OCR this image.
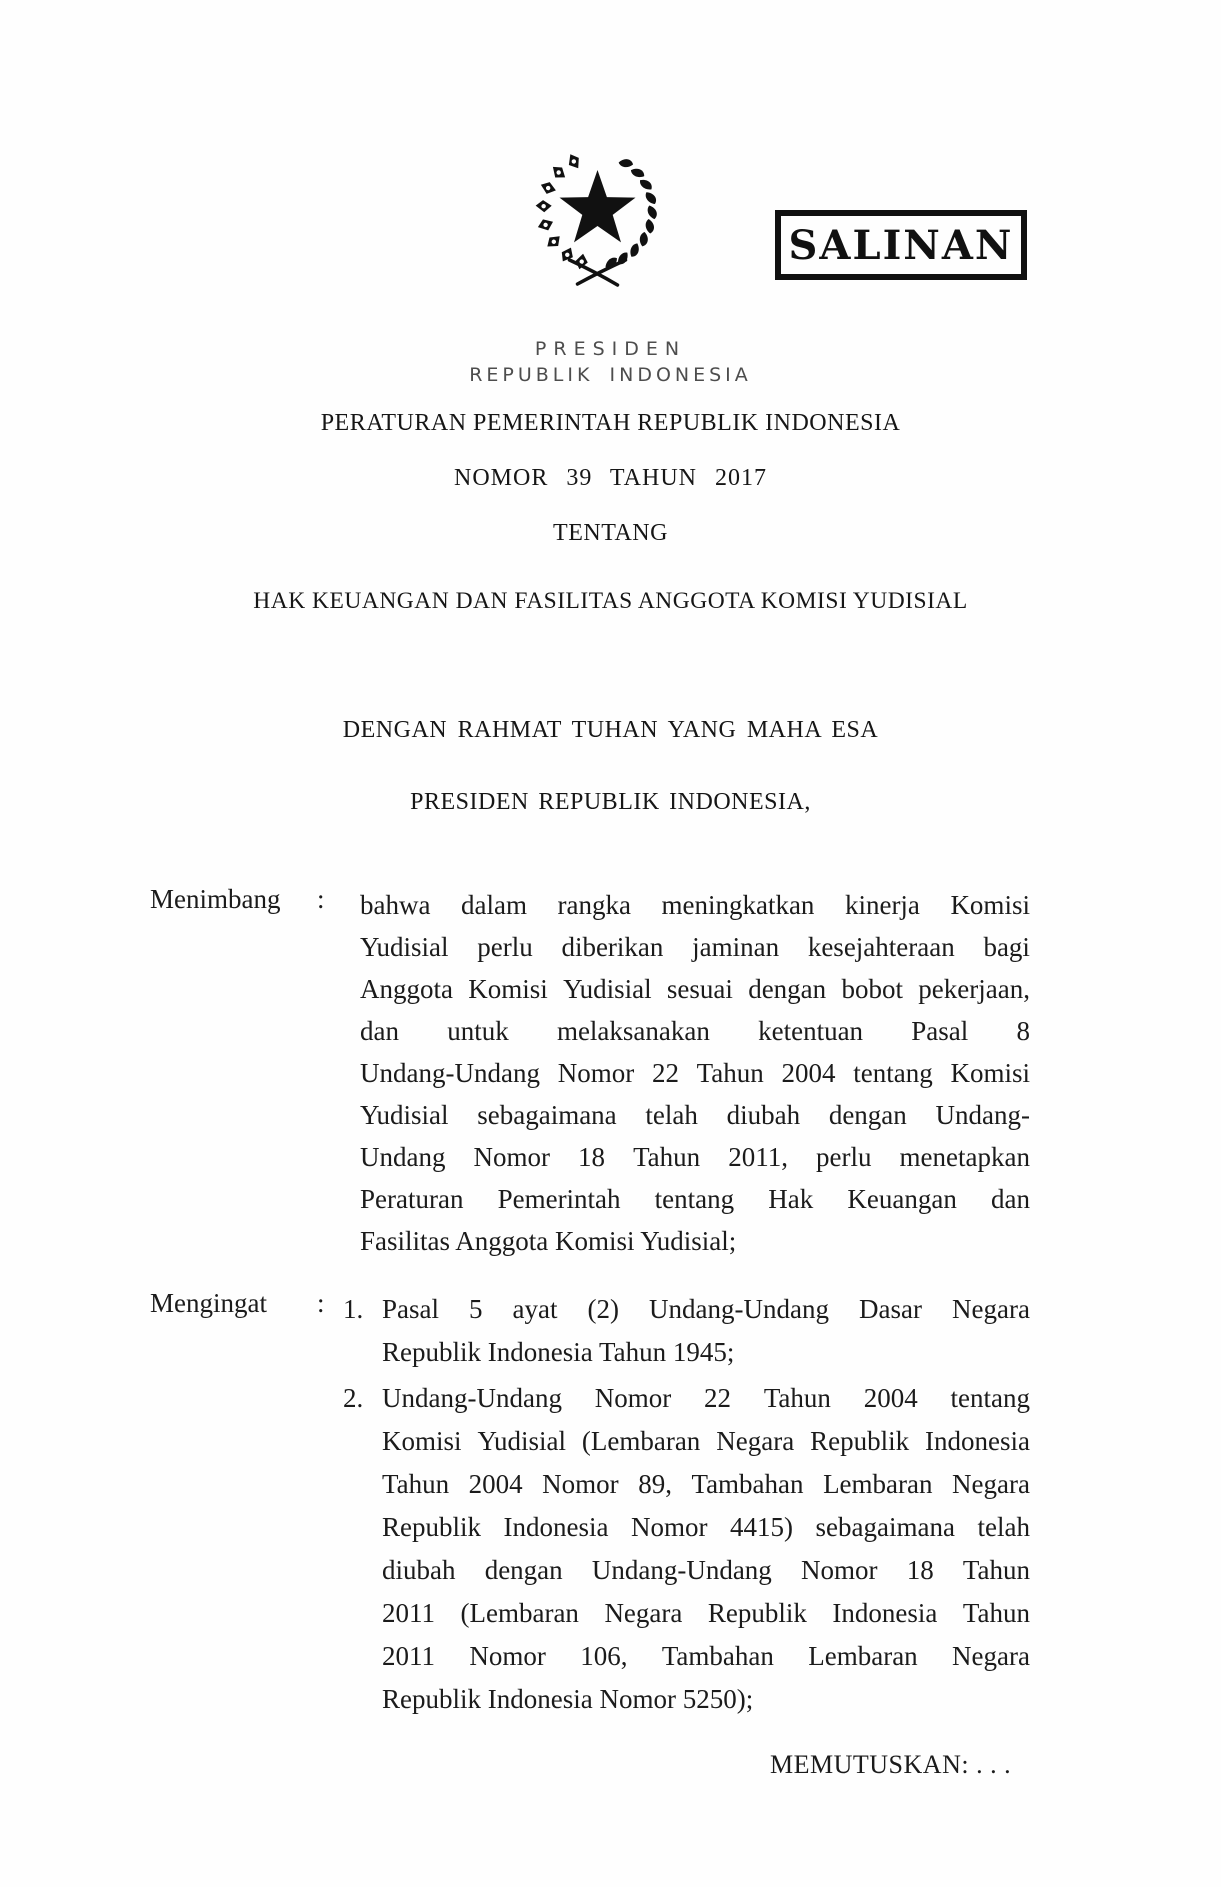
SALINAN
PRESIDEN
REPUBLIK INDONESIA
PERATURAN PEMERINTAH REPUBLIK INDONESIA
NOMOR 39 TAHUN 2017
TENTANG
HAK KEUANGAN DAN FASILITAS ANGGOTA KOMISI YUDISIAL
DENGAN RAHMAT TUHAN YANG MAHA ESA
PRESIDEN REPUBLIK INDONESIA,
Menimbang : bahwa dalam rangka meningkatkan kinerja Komisi
Yudisial perlu diberikan jaminan kesejahteraan bagi
Anggota Komisi Yudisial sesuai dengan bobot pekerjaan,
dan untuk melaksanakan ketentuan Pasal 8
Undang-Undang Nomor 22 Tahun 2004 tentang Komisi
Yudisial sebagaimana telah diubah dengan Undang-
Undang Nomor 18 Tahun 2011, perlu menetapkan
Peraturan Pemerintah tentang Hak Keuangan dan
Fasilitas Anggota Komisi Yudisial;
Mengingat : 1. Pasal 5 ayat (2) Undang-Undang Dasar Negara
Republik Indonesia Tahun 1945;
2. Undang-Undang Nomor 22 Tahun 2004 tentang
Komisi Yudisial (Lembaran Negara Republik Indonesia
Tahun 2004 Nomor 89, Tambahan Lembaran Negara
Republik Indonesia Nomor 4415) sebagaimana telah
diubah dengan Undang-Undang Nomor 18 Tahun
2011 (Lembaran Negara Republik Indonesia Tahun
2011 Nomor 106, Tambahan Lembaran Negara
Republik Indonesia Nomor 5250);
MEMUTUSKAN: . . .
